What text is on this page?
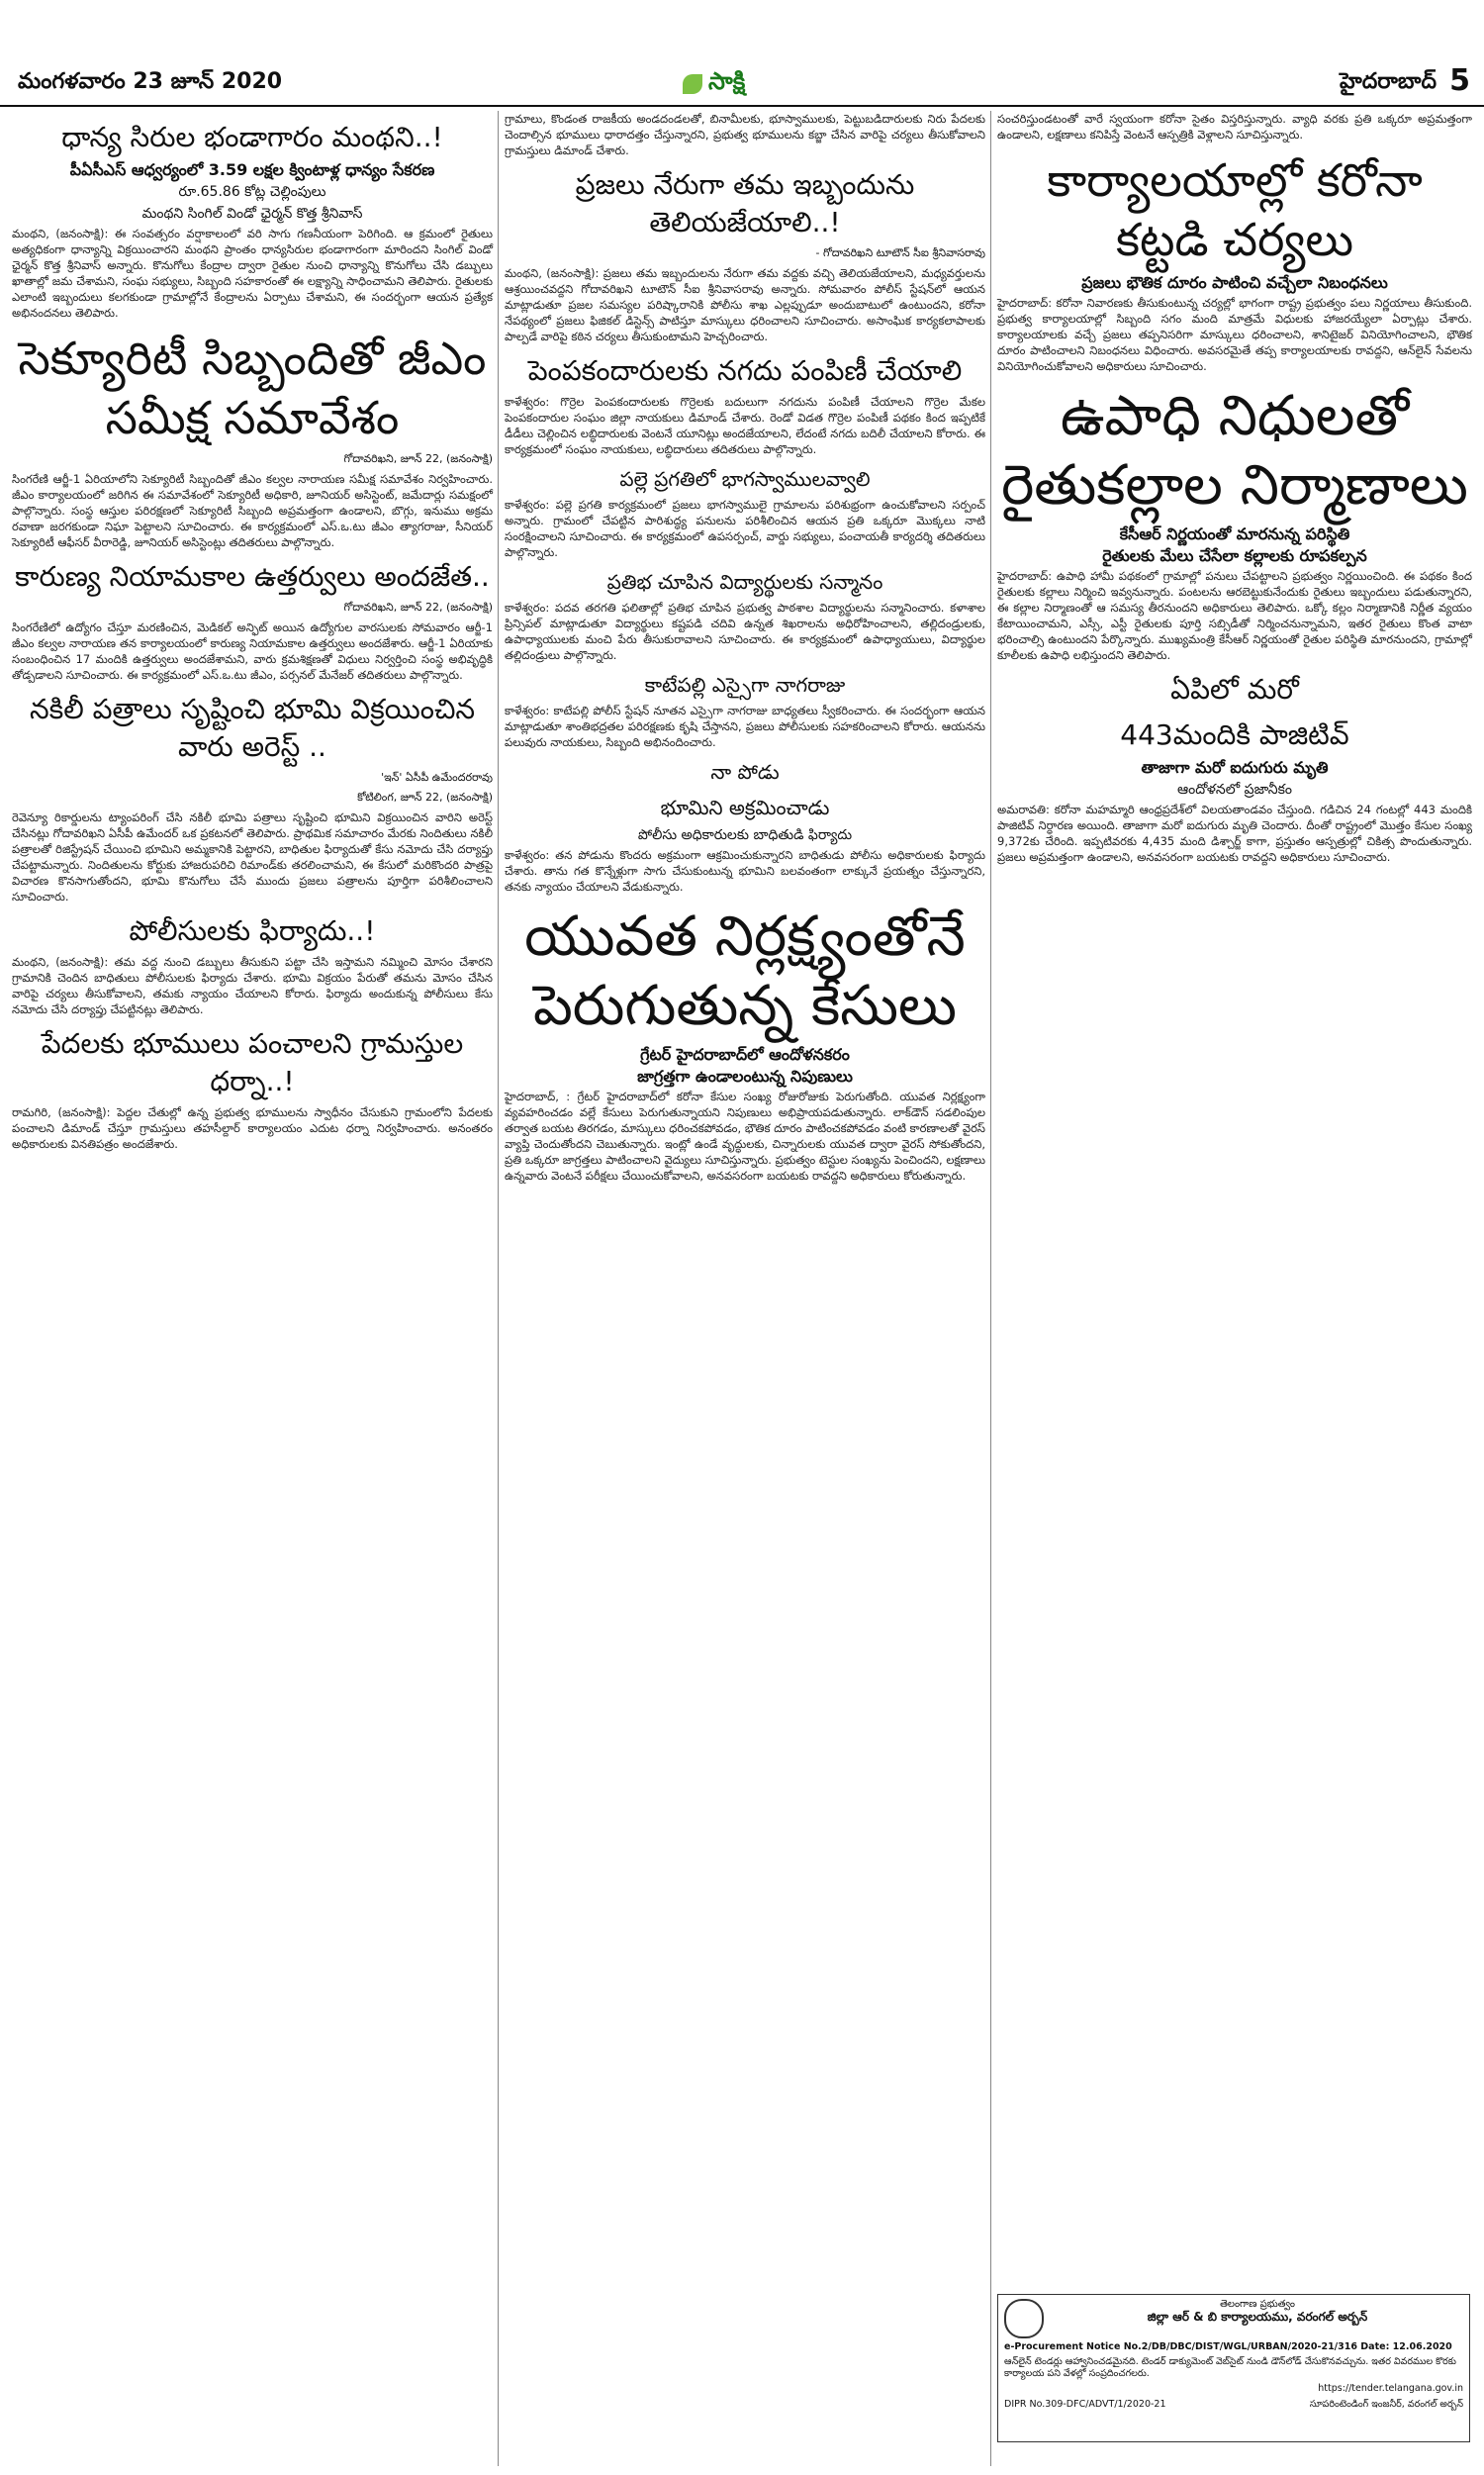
మంగళవారం 23 జూన్ 2020	సాక్షి	హైదరాబాద్ 5
ధాన్య సిరుల భండాగారం మంథని..!
పీఏసీఎస్ ఆధ్వర్యంలో 3.59 లక్షల క్వింటాళ్ల ధాన్యం సేకరణ
రూ.65.86 కోట్ల చెల్లింపులు
మంథని సింగిల్ విండో ఛైర్మన్ కొత్త శ్రీనివాస్

మంథని, (జనంసాక్షి): ఈ సంవత్సరం వర్షాకాలంలో వరి సాగు గణనీయంగా పెరిగింది. ఆ క్రమంలో రైతులు అత్యధికంగా ధాన్యాన్ని విక్రయించారని మంథని ప్రాంతం ధాన్యసిరుల భండాగారంగా మారిందని సింగిల్ విండో ఛైర్మన్ కొత్త శ్రీనివాస్ అన్నారు. కొనుగోలు కేంద్రాల ద్వారా రైతుల నుంచి ధాన్యాన్ని కొనుగోలు చేసి డబ్బులు ఖాతాల్లో జమ చేశామని, సంఘ సభ్యులు, సిబ్బంది సహకారంతో ఈ లక్ష్యాన్ని సాధించామని తెలిపారు. రైతులకు ఎలాంటి ఇబ్బందులు కలగకుండా గ్రామాల్లోనే కేంద్రాలను ఏర్పాటు చేశామని, ఈ సందర్భంగా ఆయన ప్రత్యేక అభినందనలు తెలిపారు.

సెక్యూరిటీ సిబ్బందితో జీఎం సమీక్ష సమావేశం
గోదావరిఖని, జూన్ 22, (జనంసాక్షి)

సింగరేణి ఆర్జీ-1 ఏరియాలోని సెక్యూరిటీ సిబ్బందితో జీఎం కల్వల నారాయణ సమీక్ష సమావేశం నిర్వహించారు. జీఎం కార్యాలయంలో జరిగిన ఈ సమావేశంలో సెక్యూరిటీ అధికారి, జూనియర్ అసిస్టెంట్, జమేదార్లు సమక్షంలో పాల్గొన్నారు. సంస్థ ఆస్తుల పరిరక్షణలో సెక్యూరిటీ సిబ్బంది అప్రమత్తంగా ఉండాలని, బొగ్గు, ఇనుము అక్రమ రవాణా జరగకుండా నిఘా పెట్టాలని సూచించారు. ఈ కార్యక్రమంలో ఎస్.ఒ.టు జీఎం త్యాగరాజు, సీనియర్ సెక్యూరిటీ ఆఫీసర్ వీరారెడ్డి, జూనియర్ అసిస్టెంట్లు తదితరులు పాల్గొన్నారు.

కారుణ్య నియామకాల ఉత్తర్వులు అందజేత..
గోదావరిఖని, జూన్ 22, (జనంసాక్షి)

సింగరేణిలో ఉద్యోగం చేస్తూ మరణించిన, మెడికల్ అన్ఫిట్ అయిన ఉద్యోగుల వారసులకు సోమవారం ఆర్జీ-1 జీఎం కల్వల నారాయణ తన కార్యాలయంలో కారుణ్య నియామకాల ఉత్తర్వులు అందజేశారు. ఆర్జీ-1 ఏరియాకు సంబంధించిన 17 మందికి ఉత్తర్వులు అందజేశామని, వారు క్రమశిక్షణతో విధులు నిర్వర్తించి సంస్థ అభివృద్ధికి తోడ్పడాలని సూచించారు. ఈ కార్యక్రమంలో ఎస్.ఒ.టు జీఎం, పర్సనల్ మేనేజర్ తదితరులు పాల్గొన్నారు.

నకిలీ పత్రాలు సృష్టించి భూమి విక్రయించిన వారు అరెస్ట్ ..
'ఇన్' ఏసీపీ ఉమేందరరావు
కోటిలింగ, జూన్ 22, (జనంసాక్షి)

రెవెన్యూ రికార్డులను ట్యాంపరింగ్ చేసి నకిలీ భూమి పత్రాలు సృష్టించి భూమిని విక్రయించిన వారిని అరెస్ట్ చేసినట్లు గోదావరిఖని ఏసీపీ ఉమేందర్ ఒక ప్రకటనలో తెలిపారు. ప్రాథమిక సమాచారం మేరకు నిందితులు నకిలీ పత్రాలతో రిజిస్ట్రేషన్ చేయించి భూమిని అమ్మకానికి పెట్టారని, బాధితుల ఫిర్యాదుతో కేసు నమోదు చేసి దర్యాప్తు చేపట్టామన్నారు. నిందితులను కోర్టుకు హాజరుపరిచి రిమాండ్‌కు తరలించామని, ఈ కేసులో మరికొందరి పాత్రపై విచారణ కొనసాగుతోందని, భూమి కొనుగోలు చేసే ముందు ప్రజలు పత్రాలను పూర్తిగా పరిశీలించాలని సూచించారు.

పోలీసులకు ఫిర్యాదు..!

మంథని, (జనంసాక్షి): తమ వద్ద నుంచి డబ్బులు తీసుకుని పట్టా చేసి ఇస్తామని నమ్మించి మోసం చేశారని గ్రామానికి చెందిన బాధితులు పోలీసులకు ఫిర్యాదు చేశారు. భూమి విక్రయం పేరుతో తమను మోసం చేసిన వారిపై చర్యలు తీసుకోవాలని, తమకు న్యాయం చేయాలని కోరారు. ఫిర్యాదు అందుకున్న పోలీసులు కేసు నమోదు చేసి దర్యాప్తు చేపట్టినట్లు తెలిపారు.

పేదలకు భూములు పంచాలని గ్రామస్తుల ధర్నా..!

రామగిరి, (జనంసాక్షి): పెద్దల చేతుల్లో ఉన్న ప్రభుత్వ భూములను స్వాధీనం చేసుకుని గ్రామంలోని పేదలకు పంచాలని డిమాండ్ చేస్తూ గ్రామస్తులు తహసీల్దార్ కార్యాలయం ఎదుట ధర్నా నిర్వహించారు. అనంతరం అధికారులకు వినతిపత్రం అందజేశారు.

గ్రామాలు, కొండంత రాజకీయ అండదండలతో, బినామీలకు, భూస్వాములకు, పెట్టుబడిదారులకు నిరు పేదలకు చెందాల్సిన భూములు ధారాదత్తం చేస్తున్నారని, ప్రభుత్వ భూములను కబ్జా చేసిన వారిపై చర్యలు తీసుకోవాలని గ్రామస్తులు డిమాండ్ చేశారు.

ప్రజలు నేరుగా తమ ఇబ్బందును తెలియజేయాలి..!
- గోదావరిఖని టూటౌన్ సీఐ శ్రీనివాసరావు

మంథని, (జనంసాక్షి): ప్రజలు తమ ఇబ్బందులను నేరుగా తమ వద్దకు వచ్చి తెలియజేయాలని, మధ్యవర్తులను ఆశ్రయించవద్దని గోదావరిఖని టూటౌన్ సీఐ శ్రీనివాసరావు అన్నారు. సోమవారం పోలీస్ స్టేషన్‌లో ఆయన మాట్లాడుతూ ప్రజల సమస్యల పరిష్కారానికి పోలీసు శాఖ ఎల్లప్పుడూ అందుబాటులో ఉంటుందని, కరోనా నేపథ్యంలో ప్రజలు ఫిజికల్ డిస్టెన్స్ పాటిస్తూ మాస్కులు ధరించాలని సూచించారు. అసాంఘిక కార్యకలాపాలకు పాల్పడే వారిపై కఠిన చర్యలు తీసుకుంటామని హెచ్చరించారు.

పెంపకందారులకు నగదు పంపిణీ చేయాలి

కాళేశ్వరం: గొర్రెల పెంపకందారులకు గొర్రెలకు బదులుగా నగదును పంపిణీ చేయాలని గొర్రెల మేకల పెంపకందారుల సంఘం జిల్లా నాయకులు డిమాండ్ చేశారు. రెండో విడత గొర్రెల పంపిణీ పథకం కింద ఇప్పటికే డీడీలు చెల్లించిన లబ్ధిదారులకు వెంటనే యూనిట్లు అందజేయాలని, లేదంటే నగదు బదిలీ చేయాలని కోరారు. ఈ కార్యక్రమంలో సంఘం నాయకులు, లబ్ధిదారులు తదితరులు పాల్గొన్నారు.

పల్లె ప్రగతిలో భాగస్వాములవ్వాలి

కాళేశ్వరం: పల్లె ప్రగతి కార్యక్రమంలో ప్రజలు భాగస్వాములై గ్రామాలను పరిశుభ్రంగా ఉంచుకోవాలని సర్పంచ్ అన్నారు. గ్రామంలో చేపట్టిన పారిశుద్ధ్య పనులను పరిశీలించిన ఆయన ప్రతి ఒక్కరూ మొక్కలు నాటి సంరక్షించాలని సూచించారు. ఈ కార్యక్రమంలో ఉపసర్పంచ్, వార్డు సభ్యులు, పంచాయతీ కార్యదర్శి తదితరులు పాల్గొన్నారు.

ప్రతిభ చూపిన విద్యార్థులకు సన్మానం

కాళేశ్వరం: పదవ తరగతి ఫలితాల్లో ప్రతిభ చూపిన ప్రభుత్వ పాఠశాల విద్యార్థులను సన్మానించారు. కళాశాల ప్రిన్సిపల్ మాట్లాడుతూ విద్యార్థులు కష్టపడి చదివి ఉన్నత శిఖరాలను అధిరోహించాలని, తల్లిదండ్రులకు, ఉపాధ్యాయులకు మంచి పేరు తీసుకురావాలని సూచించారు. ఈ కార్యక్రమంలో ఉపాధ్యాయులు, విద్యార్థుల తల్లిదండ్రులు పాల్గొన్నారు.

కాటేపల్లి ఎస్సైగా నాగరాజు

కాళేశ్వరం: కాటేపల్లి పోలీస్ స్టేషన్ నూతన ఎస్సైగా నాగరాజు బాధ్యతలు స్వీకరించారు. ఈ సందర్భంగా ఆయన మాట్లాడుతూ శాంతిభద్రతల పరిరక్షణకు కృషి చేస్తానని, ప్రజలు పోలీసులకు సహకరించాలని కోరారు. ఆయనను పలువురు నాయకులు, సిబ్బంది అభినందించారు.

నా పోడు
భూమిని అక్రమించాడు
పోలీసు అధికారులకు బాధితుడి ఫిర్యాదు

కాళేశ్వరం: తన పోడును కొందరు అక్రమంగా ఆక్రమించుకున్నారని బాధితుడు పోలీసు అధికారులకు ఫిర్యాదు చేశారు. తాను గత కొన్నేళ్లుగా సాగు చేసుకుంటున్న భూమిని బలవంతంగా లాక్కునే ప్రయత్నం చేస్తున్నారని, తనకు న్యాయం చేయాలని వేడుకున్నారు.

యువత నిర్లక్ష్యంతోనే పెరుగుతున్న కేసులు
గ్రేటర్ హైదరాబాద్‌లో ఆందోళనకరం
జాగ్రత్తగా ఉండాలంటున్న నిపుణులు

హైదరాబాద్, : గ్రేటర్ హైదరాబాద్‌లో కరోనా కేసుల సంఖ్య రోజురోజుకు పెరుగుతోంది. యువత నిర్లక్ష్యంగా వ్యవహరించడం వల్లే కేసులు పెరుగుతున్నాయని నిపుణులు అభిప్రాయపడుతున్నారు. లాక్‌డౌన్ సడలింపుల తర్వాత బయట తిరగడం, మాస్కులు ధరించకపోవడం, భౌతిక దూరం పాటించకపోవడం వంటి కారణాలతో వైరస్ వ్యాప్తి చెందుతోందని చెబుతున్నారు. ఇంట్లో ఉండే వృద్ధులకు, చిన్నారులకు యువత ద్వారా వైరస్ సోకుతోందని, ప్రతి ఒక్కరూ జాగ్రత్తలు పాటించాలని వైద్యులు సూచిస్తున్నారు. ప్రభుత్వం టెస్టుల సంఖ్యను పెంచిందని, లక్షణాలు ఉన్నవారు వెంటనే పరీక్షలు చేయించుకోవాలని, అనవసరంగా బయటకు రావద్దని అధికారులు కోరుతున్నారు.

సంచరిస్తుండటంతో వారే స్వయంగా కరోనా సైతం విస్తరిస్తున్నారు. వ్యాధి వరకు ప్రతి ఒక్కరూ అప్రమత్తంగా ఉండాలని, లక్షణాలు కనిపిస్తే వెంటనే ఆస్పత్రికి వెళ్లాలని సూచిస్తున్నారు.

కార్యాలయాల్లో కరోనా కట్టడి చర్యలు
ప్రజలు భౌతిక దూరం పాటించి వచ్చేలా నిబంధనలు

హైదరాబాద్: కరోనా నివారణకు తీసుకుంటున్న చర్యల్లో భాగంగా రాష్ట్ర ప్రభుత్వం పలు నిర్ణయాలు తీసుకుంది. ప్రభుత్వ కార్యాలయాల్లో సిబ్బంది సగం మంది మాత్రమే విధులకు హాజరయ్యేలా ఏర్పాట్లు చేశారు. కార్యాలయాలకు వచ్చే ప్రజలు తప్పనిసరిగా మాస్కులు ధరించాలని, శానిటైజర్ వినియోగించాలని, భౌతిక దూరం పాటించాలని నిబంధనలు విధించారు. అవసరమైతే తప్ప కార్యాలయాలకు రావద్దని, ఆన్‌లైన్ సేవలను వినియోగించుకోవాలని అధికారులు సూచించారు.

ఉపాధి నిధులతో రైతుకల్లాల నిర్మాణాలు
కేసీఆర్ నిర్ణయంతో మారనున్న పరిస్థితి
రైతులకు మేలు చేసేలా కల్లాలకు రూపకల్పన

హైదరాబాద్: ఉపాధి హామీ పథకంలో గ్రామాల్లో పనులు చేపట్టాలని ప్రభుత్వం నిర్ణయించింది. ఈ పథకం కింద రైతులకు కల్లాలు నిర్మించి ఇవ్వనున్నారు. పంటలను ఆరబెట్టుకునేందుకు రైతులు ఇబ్బందులు పడుతున్నారని, ఈ కల్లాల నిర్మాణంతో ఆ సమస్య తీరనుందని అధికారులు తెలిపారు. ఒక్కో కల్లం నిర్మాణానికి నిర్ణీత వ్యయం కేటాయించామని, ఎస్సీ, ఎస్టీ రైతులకు పూర్తి సబ్సిడీతో నిర్మించనున్నామని, ఇతర రైతులు కొంత వాటా భరించాల్సి ఉంటుందని పేర్కొన్నారు. ముఖ్యమంత్రి కేసీఆర్ నిర్ణయంతో రైతుల పరిస్థితి మారనుందని, గ్రామాల్లో కూలీలకు ఉపాధి లభిస్తుందని తెలిపారు.

ఏపిలో మరో
443మందికి పాజిటివ్
తాజాగా మరో ఐదుగురు మృతి
ఆందోళనలో ప్రజానీకం

అమరావతి: కరోనా మహమ్మారి ఆంధ్రప్రదేశ్‌లో విలయతాండవం చేస్తుంది. గడిచిన 24 గంటల్లో 443 మందికి పాజిటివ్ నిర్ధారణ అయింది. తాజాగా మరో ఐదుగురు మృతి చెందారు. దీంతో రాష్ట్రంలో మొత్తం కేసుల సంఖ్య 9,372కు చేరింది. ఇప్పటివరకు 4,435 మంది డిశ్చార్జ్ కాగా, ప్రస్తుతం ఆస్పత్రుల్లో చికిత్స పొందుతున్నారు. ప్రజలు అప్రమత్తంగా ఉండాలని, అనవసరంగా బయటకు రావద్దని అధికారులు సూచించారు.

తెలంగాణ ప్రభుత్వం
జిల్లా ఆర్ & బి కార్యాలయము, వరంగల్ అర్బన్
e-Procurement Notice No.2/DB/DBC/DIST/WGL/URBAN/2020-21/316 Date: 12.06.2020
ఆన్‌లైన్ టెండర్లు ఆహ్వానించడమైనది. టెండర్ డాక్యుమెంట్ వెబ్‌సైట్ నుండి డౌన్‌లోడ్ చేసుకొనవచ్చును. ఇతర వివరముల కొరకు కార్యాలయ పని వేళల్లో సంప్రదించగలరు.
https://tender.telangana.gov.in
DIPR No.309-DFC/ADVT/1/2020-21	సూపరింటెండింగ్ ఇంజనీర్, వరంగల్ అర్బన్
